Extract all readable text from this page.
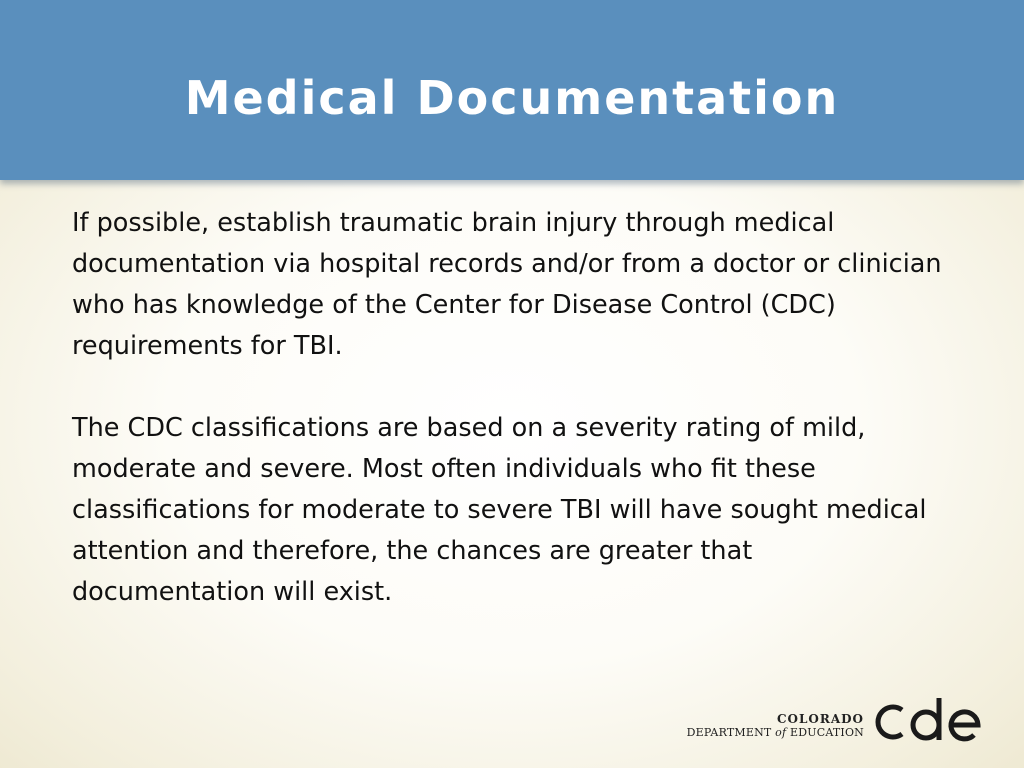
Medical Documentation

If possible, establish traumatic brain injury through medical documentation via hospital records and/or from a doctor or clinician who has knowledge of the Center for Disease Control (CDC) requirements for TBI.

The CDC classifications are based on a severity rating of mild, moderate and severe. Most often individuals who fit these classifications for moderate to severe TBI will have sought medical attention and therefore, the chances are greater that documentation will exist.

COLORADO
DEPARTMENT of EDUCATION
